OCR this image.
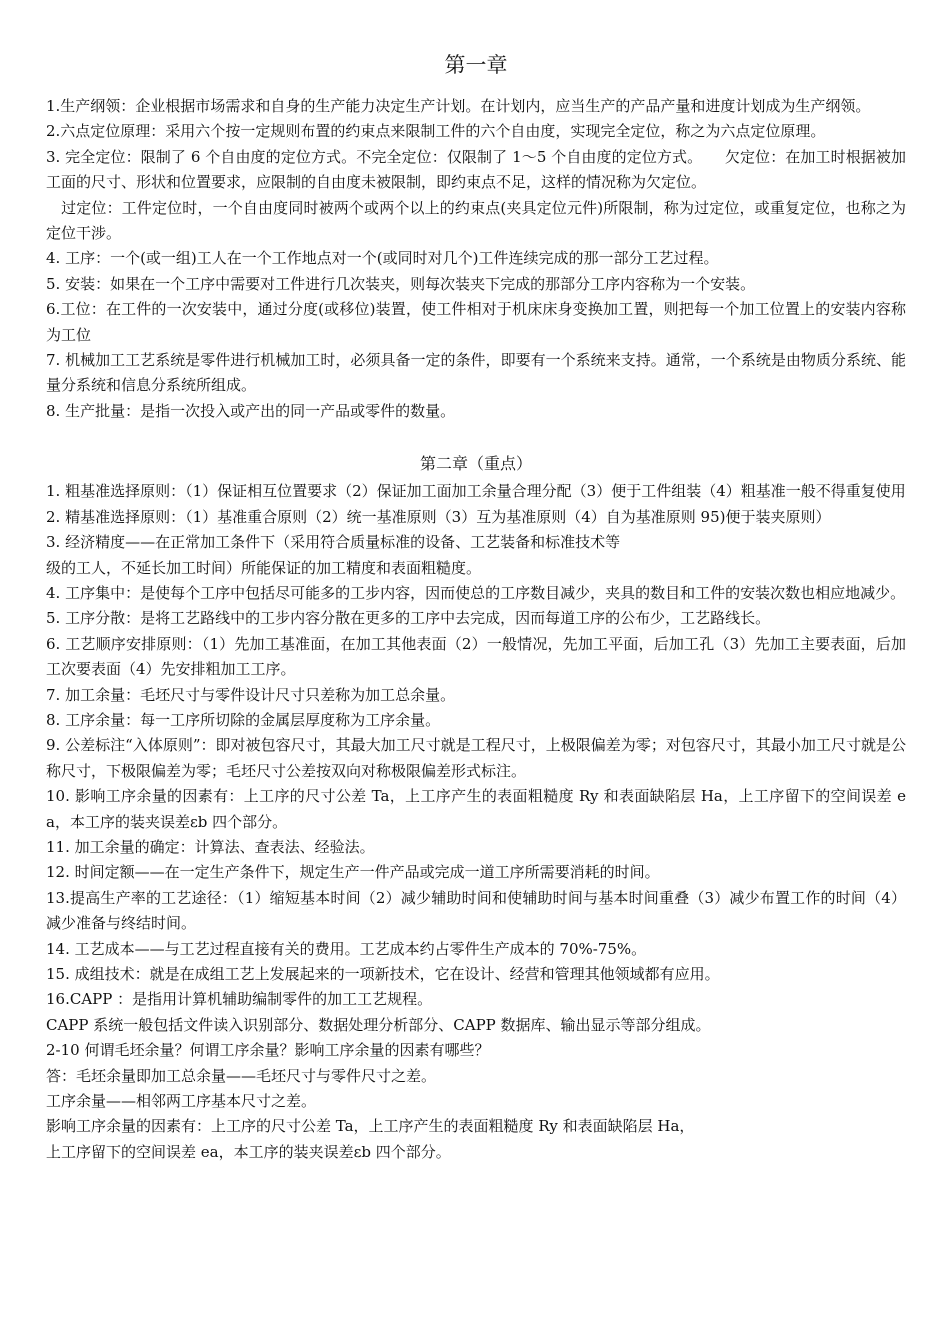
第一章

1.生产纲领：企业根据市场需求和自身的生产能力决定生产计划。在计划内，应当生产的产品产量和进度计划成为生产纲领。

2.六点定位原理：采用六个按一定规则布置的约束点来限制工件的六个自由度，实现完全定位，称之为六点定位原理。

3. 完全定位：限制了 6 个自由度的定位方式。不完全定位：仅限制了 1～5 个自由度的定位方式。　　欠定位：在加工时根据被加工面的尺寸、形状和位置要求，应限制的自由度未被限制，即约束点不足，这样的情况称为欠定位。

　过定位：工件定位时，一个自由度同时被两个或两个以上的约束点(夹具定位元件)所限制，称为过定位，或重复定位，也称之为定位干涉。

4. 工序：一个(或一组)工人在一个工作地点对一个(或同时对几个)工件连续完成的那一部分工艺过程。

5. 安装：如果在一个工序中需要对工件进行几次装夹，则每次装夹下完成的那部分工序内容称为一个安装。

6.工位：在工件的一次安装中，通过分度(或移位)装置，使工件相对于机床床身变换加工置，则把每一个加工位置上的安装内容称为工位

7. 机械加工工艺系统是零件进行机械加工时，必须具备一定的条件，即要有一个系统来支持。通常，一个系统是由物质分系统、能量分系统和信息分系统所组成。

8. 生产批量：是指一次投入或产出的同一产品或零件的数量。

第二章（重点）

1. 粗基准选择原则：（1）保证相互位置要求（2）保证加工面加工余量合理分配（3）便于工件组装（4）粗基准一般不得重复使用

2. 精基准选择原则：（1）基准重合原则（2）统一基准原则（3）互为基准原则（4）自为基准原则 95)便于装夹原则）

3. 经济精度——在正常加工条件下（采用符合质量标准的设备、工艺装备和标准技术等

级的工人，不延长加工时间）所能保证的加工精度和表面粗糙度。

4. 工序集中：是使每个工序中包括尽可能多的工步内容，因而使总的工序数目减少，夹具的数目和工件的安装次数也相应地减少。

5. 工序分散：是将工艺路线中的工步内容分散在更多的工序中去完成，因而每道工序的公布少，工艺路线长。

6. 工艺顺序安排原则：（1）先加工基准面，在加工其他表面（2）一般情况，先加工平面，后加工孔（3）先加工主要表面，后加工次要表面（4）先安排粗加工工序。

7. 加工余量：毛坯尺寸与零件设计尺寸只差称为加工总余量。

8. 工序余量：每一工序所切除的金属层厚度称为工序余量。

9. 公差标注“入体原则”：即对被包容尺寸，其最大加工尺寸就是工程尺寸，上极限偏差为零；对包容尺寸，其最小加工尺寸就是公称尺寸，下极限偏差为零；毛坯尺寸公差按双向对称极限偏差形式标注。

10. 影响工序余量的因素有：上工序的尺寸公差 Ta，上工序产生的表面粗糙度 Ry 和表面缺陷层 Ha，上工序留下的空间误差 ea，本工序的装夹误差εb 四个部分。

11. 加工余量的确定：计算法、查表法、经验法。

12. 时间定额——在一定生产条件下，规定生产一件产品或完成一道工序所需要消耗的时间。

13.提高生产率的工艺途径：（1）缩短基本时间（2）减少辅助时间和使辅助时间与基本时间重叠（3）减少布置工作的时间（4）减少准备与终结时间。

14. 工艺成本——与工艺过程直接有关的费用。工艺成本约占零件生产成本的 70%-75%。

15. 成组技术：就是在成组工艺上发展起来的一项新技术，它在设计、经营和管理其他领域都有应用。

16.CAPP ：是指用计算机辅助编制零件的加工工艺规程。

CAPP 系统一般包括文件读入识别部分、数据处理分析部分、CAPP 数据库、输出显示等部分组成。

2-10 何谓毛坯余量？何谓工序余量？影响工序余量的因素有哪些？

答：毛坯余量即加工总余量——毛坯尺寸与零件尺寸之差。

工序余量——相邻两工序基本尺寸之差。

影响工序余量的因素有：上工序的尺寸公差 Ta，上工序产生的表面粗糙度 Ry 和表面缺陷层 Ha，

上工序留下的空间误差 ea，本工序的装夹误差εb 四个部分。
